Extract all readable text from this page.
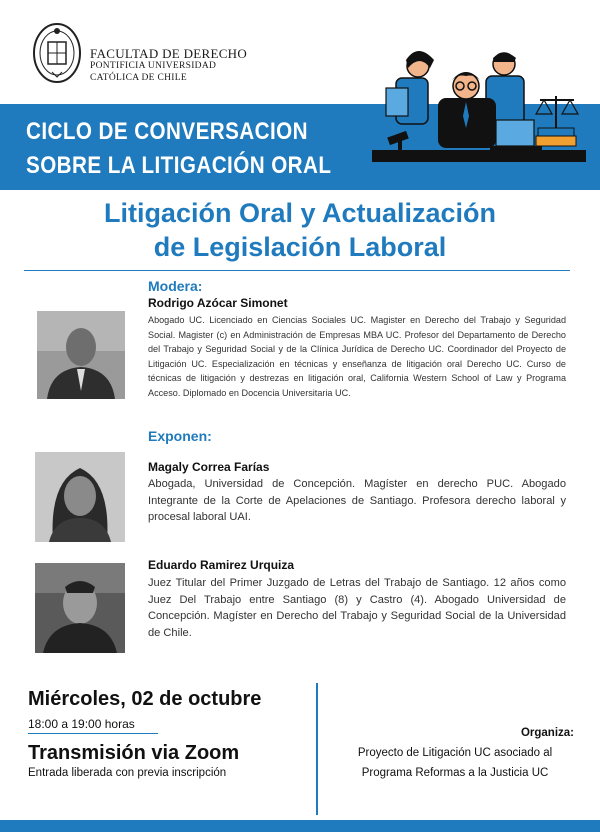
FACULTAD DE DERECHO
PONTIFICIA UNIVERSIDAD
CATÓLICA DE CHILE
CICLO DE CONVERSACION
SOBRE LA LITIGACIÓN ORAL
Litigación Oral y Actualización
de Legislación Laboral
Modera:
Rodrigo Azócar Simonet
Abogado UC. Licenciado en Ciencias Sociales UC. Magister en Derecho del Trabajo y Seguridad Social. Magister (c) en Administración de Empresas MBA UC. Profesor del Departamento de Derecho del Trabajo y Seguridad Social y de la Clínica Jurídica de Derecho UC. Coordinador del Proyecto de Litigación UC. Especialización en técnicas y enseñanza de litigación oral Derecho UC. Curso de técnicas de litigación y destrezas en litigación oral, California Western School of Law y Programa Acceso. Diplomado en Docencia Universitaria UC.
Exponen:
Magaly Correa Farías
Abogada, Universidad de Concepción. Magíster en derecho PUC. Abogado Integrante de la Corte de Apelaciones de Santiago. Profesora derecho laboral y procesal laboral UAI.
Eduardo Ramirez Urquiza
Juez Titular del Primer Juzgado de Letras del Trabajo de Santiago. 12 años como Juez Del Trabajo entre Santiago (8) y Castro (4). Abogado Universidad de Concepción. Magíster en Derecho del Trabajo y Seguridad Social de la Universidad de Chile.
Miércoles, 02 de octubre
18:00 a 19:00 horas
Transmisión via Zoom
Entrada liberada con previa inscripción
Organiza:
Proyecto de Litigación UC asociado al
Programa Reformas a la Justicia UC
